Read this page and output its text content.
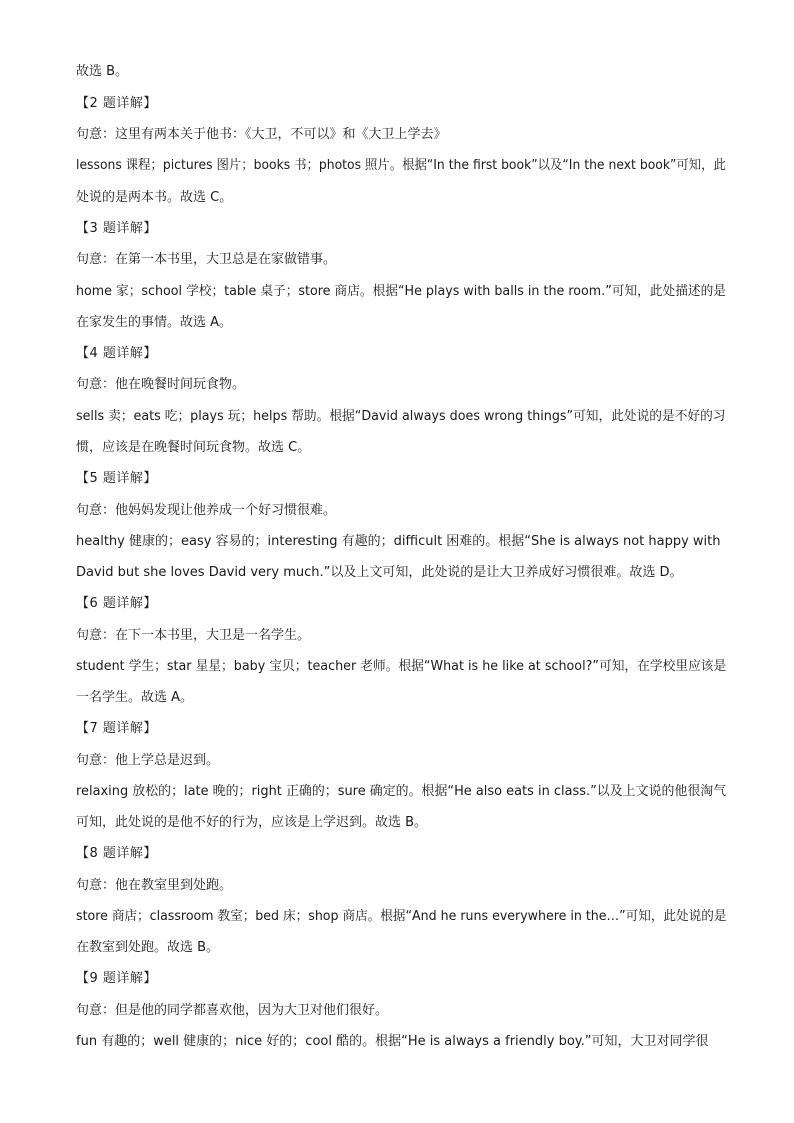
故选 B。
【2 题详解】
句意：这里有两本关于他书：《大卫，不可以》和《大卫上学去》
lessons 课程；pictures 图片；books 书；photos 照片。根据“In the first book”以及“In the next book”可知，此
处说的是两本书。故选 C。
【3 题详解】
句意：在第一本书里，大卫总是在家做错事。
home 家；school 学校；table 桌子；store 商店。根据“He plays with balls in the room.”可知，此处描述的是
在家发生的事情。故选 A。
【4 题详解】
句意：他在晚餐时间玩食物。
sells 卖；eats 吃；plays 玩；helps 帮助。根据“David always does wrong things”可知，此处说的是不好的习
惯，应该是在晚餐时间玩食物。故选 C。
【5 题详解】
句意：他妈妈发现让他养成一个好习惯很难。
healthy 健康的；easy 容易的；interesting 有趣的；difficult 困难的。根据“She is always not happy with
David but she loves David very much.”以及上文可知，此处说的是让大卫养成好习惯很难。故选 D。
【6 题详解】
句意：在下一本书里，大卫是一名学生。
student 学生；star 星星；baby 宝贝；teacher 老师。根据“What is he like at school?”可知，在学校里应该是
一名学生。故选 A。
【7 题详解】
句意：他上学总是迟到。
relaxing 放松的；late 晚的；right 正确的；sure 确定的。根据“He also eats in class.”以及上文说的他很淘气
可知，此处说的是他不好的行为，应该是上学迟到。故选 B。
【8 题详解】
句意：他在教室里到处跑。
store 商店；classroom 教室；bed 床；shop 商店。根据“And he runs everywhere in the…”可知，此处说的是
在教室到处跑。故选 B。
【9 题详解】
句意：但是他的同学都喜欢他，因为大卫对他们很好。
fun 有趣的；well 健康的；nice 好的；cool 酷的。根据“He is always a friendly boy.”可知，大卫对同学很
